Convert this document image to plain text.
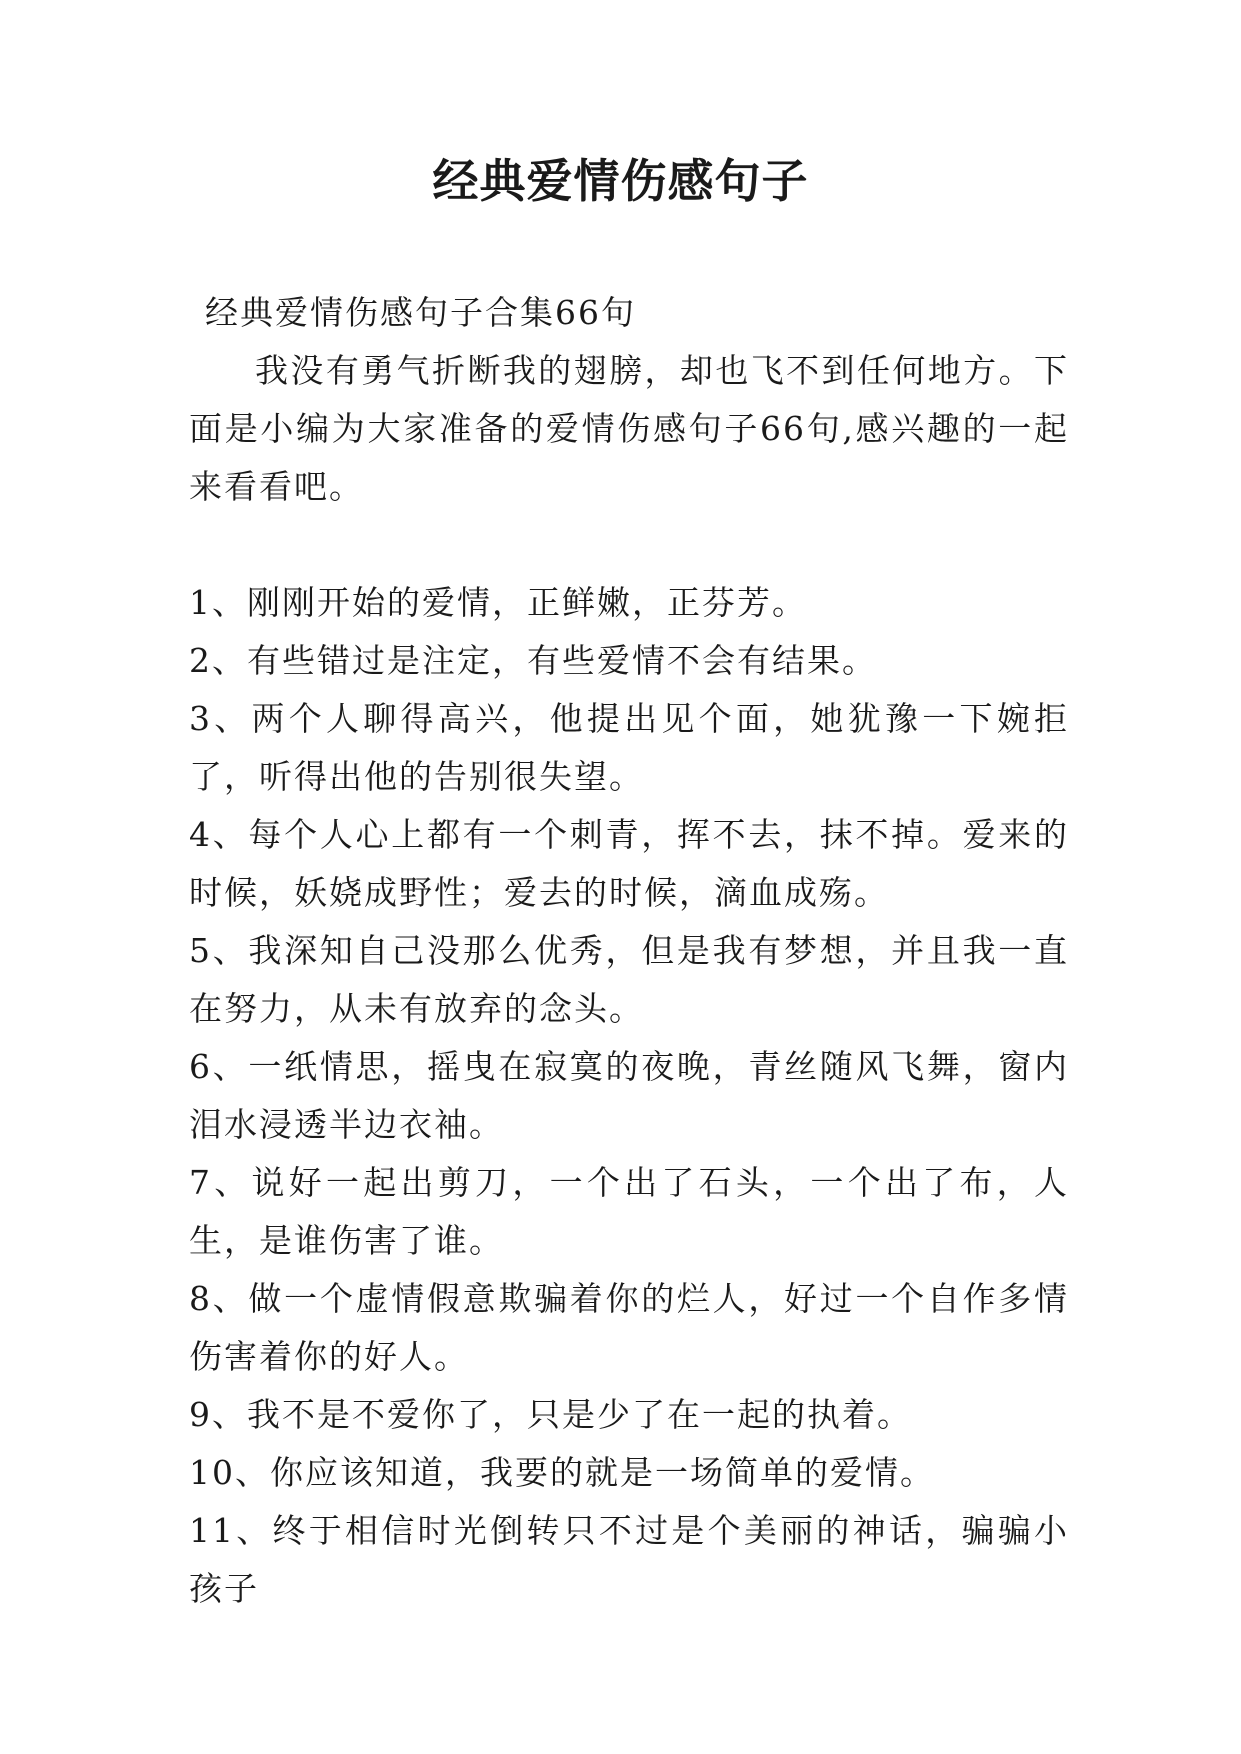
经典爱情伤感句子

经典爱情伤感句子合集66句

我没有勇气折断我的翅膀，却也飞不到任何地方。下面是小编为大家准备的爱情伤感句子66句,感兴趣的一起来看看吧。

1、刚刚开始的爱情，正鲜嫩，正芬芳。
2、有些错过是注定，有些爱情不会有结果。
3、两个人聊得高兴，他提出见个面，她犹豫一下婉拒了，听得出他的告别很失望。
4、每个人心上都有一个刺青，挥不去，抹不掉。爱来的时候，妖娆成野性；爱去的时候，滴血成殇。
5、我深知自己没那么优秀，但是我有梦想，并且我一直在努力，从未有放弃的念头。
6、一纸情思，摇曳在寂寞的夜晚，青丝随风飞舞，窗内泪水浸透半边衣袖。
7、说好一起出剪刀，一个出了石头，一个出了布，人生，是谁伤害了谁。
8、做一个虚情假意欺骗着你的烂人，好过一个自作多情伤害着你的好人。
9、我不是不爱你了，只是少了在一起的执着。
10、你应该知道，我要的就是一场简单的爱情。
11、终于相信时光倒转只不过是个美丽的神话，骗骗小孩子
